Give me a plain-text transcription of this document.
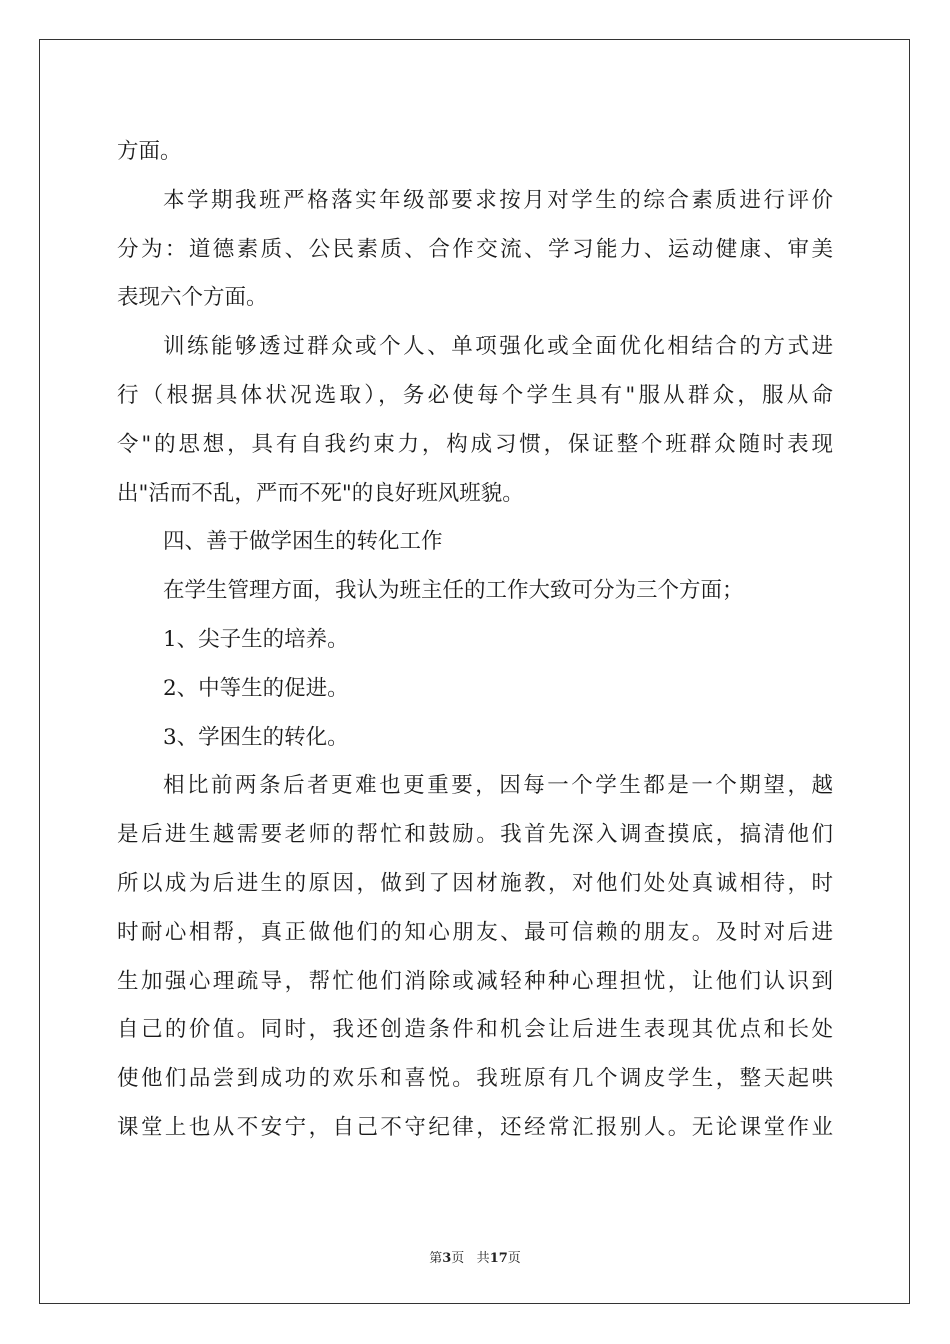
方面。
本学期我班严格落实年级部要求按月对学生的综合素质进行评价
分为：道德素质、公民素质、合作交流、学习能力、运动健康、审美
表现六个方面。
训练能够透过群众或个人、单项强化或全面优化相结合的方式进
行（根据具体状况选取），务必使每个学生具有"服从群众，服从命
令"的思想，具有自我约束力，构成习惯，保证整个班群众随时表现
出"活而不乱，严而不死"的良好班风班貌。
四、善于做学困生的转化工作
在学生管理方面，我认为班主任的工作大致可分为三个方面；
1、尖子生的培养。
2、中等生的促进。
3、学困生的转化。
相比前两条后者更难也更重要，因每一个学生都是一个期望，越
是后进生越需要老师的帮忙和鼓励。我首先深入调查摸底，搞清他们
所以成为后进生的原因，做到了因材施教，对他们处处真诚相待，时
时耐心相帮，真正做他们的知心朋友、最可信赖的朋友。及时对后进
生加强心理疏导，帮忙他们消除或减轻种种心理担忧，让他们认识到
自己的价值。同时，我还创造条件和机会让后进生表现其优点和长处
使他们品尝到成功的欢乐和喜悦。我班原有几个调皮学生，整天起哄
课堂上也从不安宁，自己不守纪律，还经常汇报别人。无论课堂作业
第3页 共17页
